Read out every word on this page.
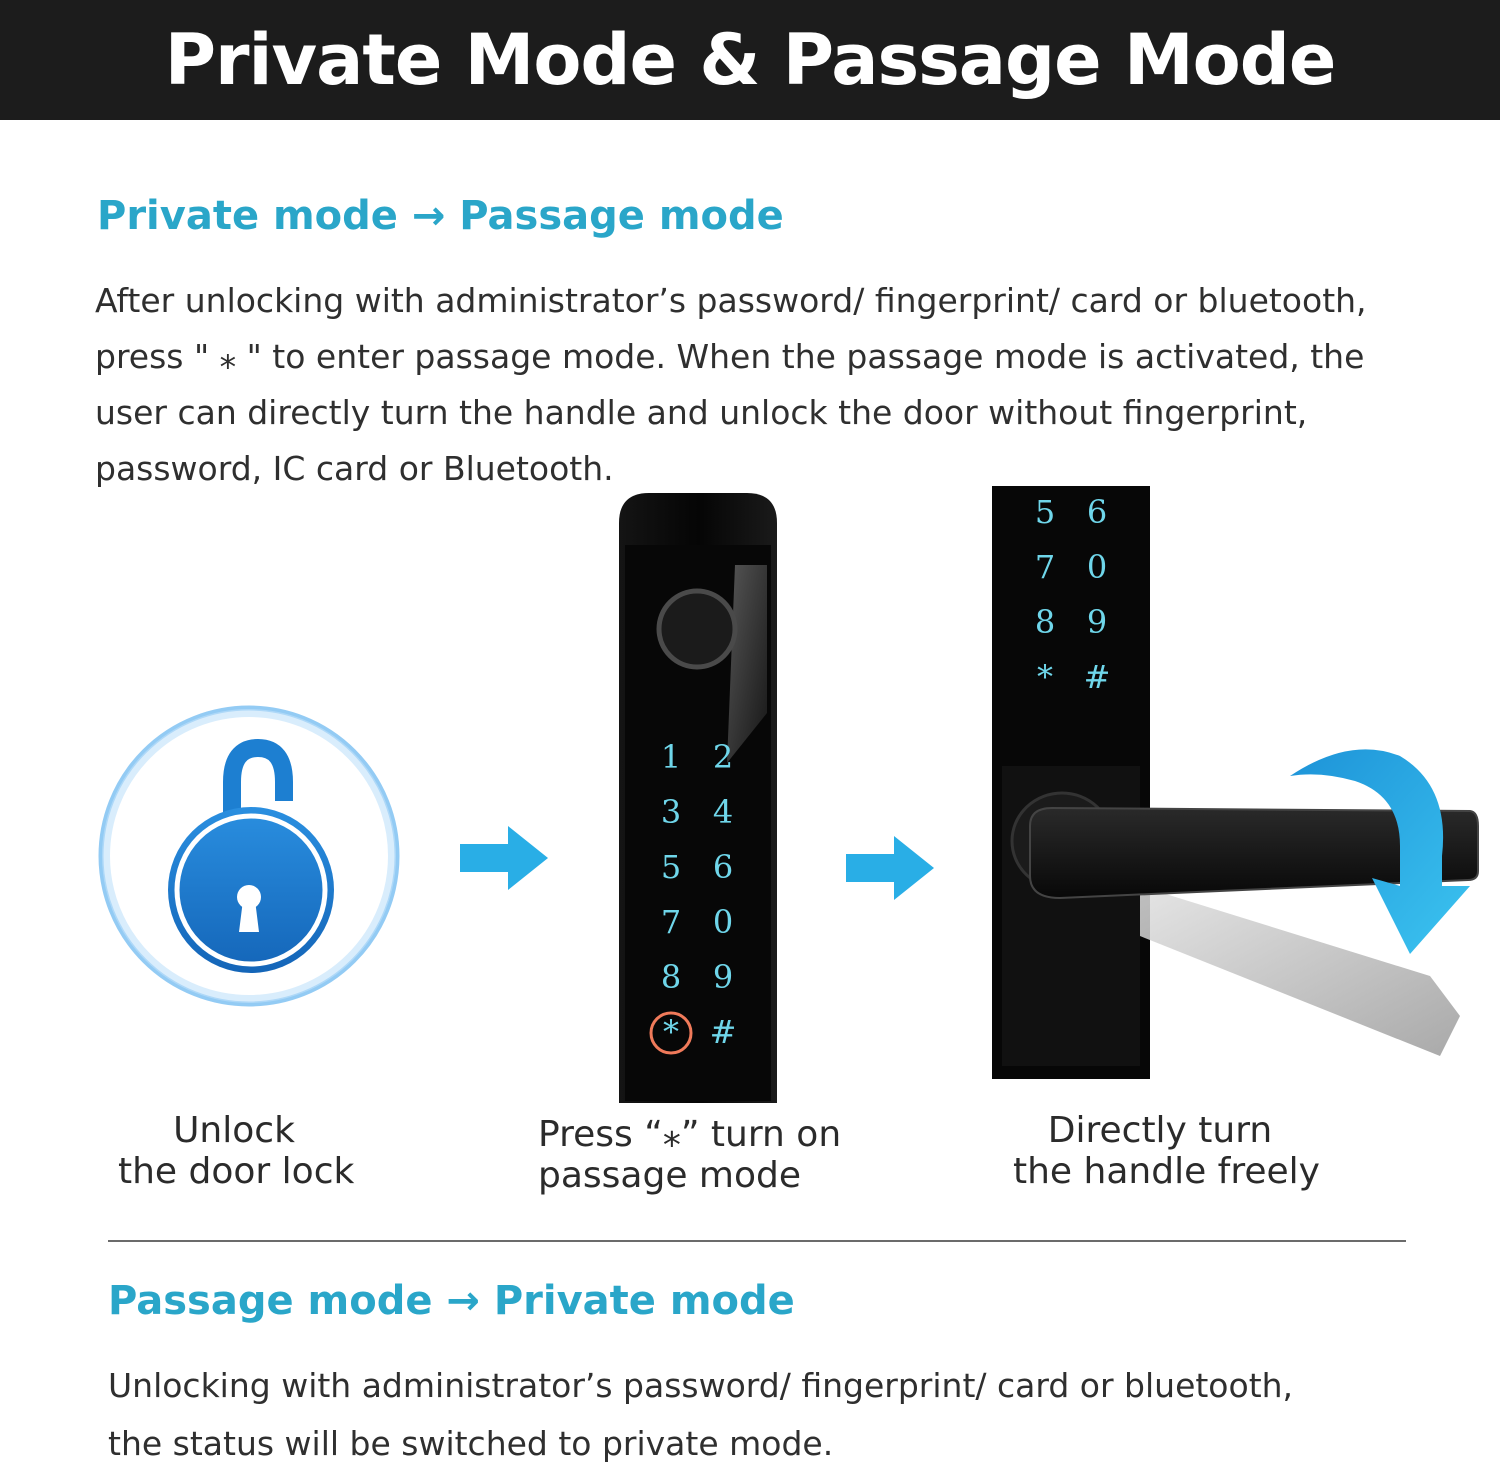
Private Mode & Passage Mode
Private mode → Passage mode
After unlocking with administrator’s password/ fingerprint/ card or bluetooth,
press " ⁎ " to enter passage mode. When the passage mode is activated, the
user can directly turn the handle and unlock the door without fingerprint,
password, IC card or Bluetooth.
1 2
3 4
5 6
7 0
8 9
* #
5 6
7 0
8 9
* #
Unlock
the door lock
Press “⁎” turn on
passage mode
Directly turn
the handle freely
Passage mode → Private mode
Unlocking with administrator’s password/ fingerprint/ card or bluetooth,
the status will be switched to private mode.
